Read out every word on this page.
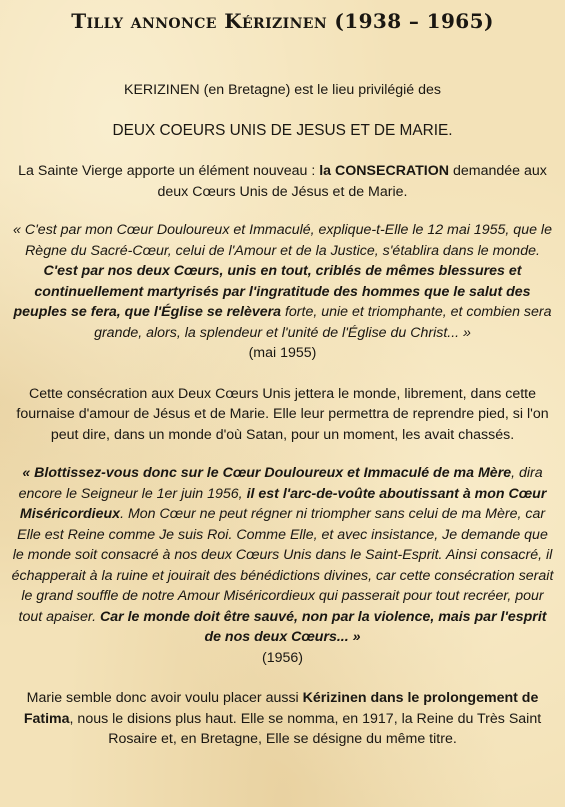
Tilly annonce Kérizinen (1938 – 1965)

KERIZINEN (en Bretagne) est le lieu privilégié des

DEUX COEURS UNIS DE JESUS ET DE MARIE.

La Sainte Vierge apporte un élément nouveau : la CONSECRATION demandée aux deux Cœurs Unis de Jésus et de Marie.

« C'est par mon Cœur Douloureux et Immaculé, explique-t-Elle le 12 mai 1955, que le Règne du Sacré-Cœur, celui de l'Amour et de la Justice, s'établira dans le monde. C'est par nos deux Cœurs, unis en tout, criblés de mêmes blessures et continuellement martyrisés par l'ingratitude des hommes que le salut des peuples se fera, que l'Église se relèvera forte, unie et triomphante, et combien sera grande, alors, la splendeur et l'unité de l'Église du Christ... »
(mai 1955)

Cette consécration aux Deux Cœurs Unis jettera le monde, librement, dans cette fournaise d'amour de Jésus et de Marie. Elle leur permettra de reprendre pied, si l'on peut dire, dans un monde d'où Satan, pour un moment, les avait chassés.

« Blottissez-vous donc sur le Cœur Douloureux et Immaculé de ma Mère, dira encore le Seigneur le 1er juin 1956, il est l'arc-de-voûte aboutissant à mon Cœur Miséricordieux. Mon Cœur ne peut régner ni triompher sans celui de ma Mère, car Elle est Reine comme Je suis Roi. Comme Elle, et avec insistance, Je demande que le monde soit consacré à nos deux Cœurs Unis dans le Saint-Esprit. Ainsi consacré, il échapperait à la ruine et jouirait des bénédictions divines, car cette consécration serait le grand souffle de notre Amour Miséricordieux qui passerait pour tout recréer, pour tout apaiser. Car le monde doit être sauvé, non par la violence, mais par l'esprit de nos deux Cœurs... »
(1956)

Marie semble donc avoir voulu placer aussi Kérizinen dans le prolongement de Fatima, nous le disions plus haut. Elle se nomma, en 1917, la Reine du Très Saint Rosaire et, en Bretagne, Elle se désigne du même titre.
